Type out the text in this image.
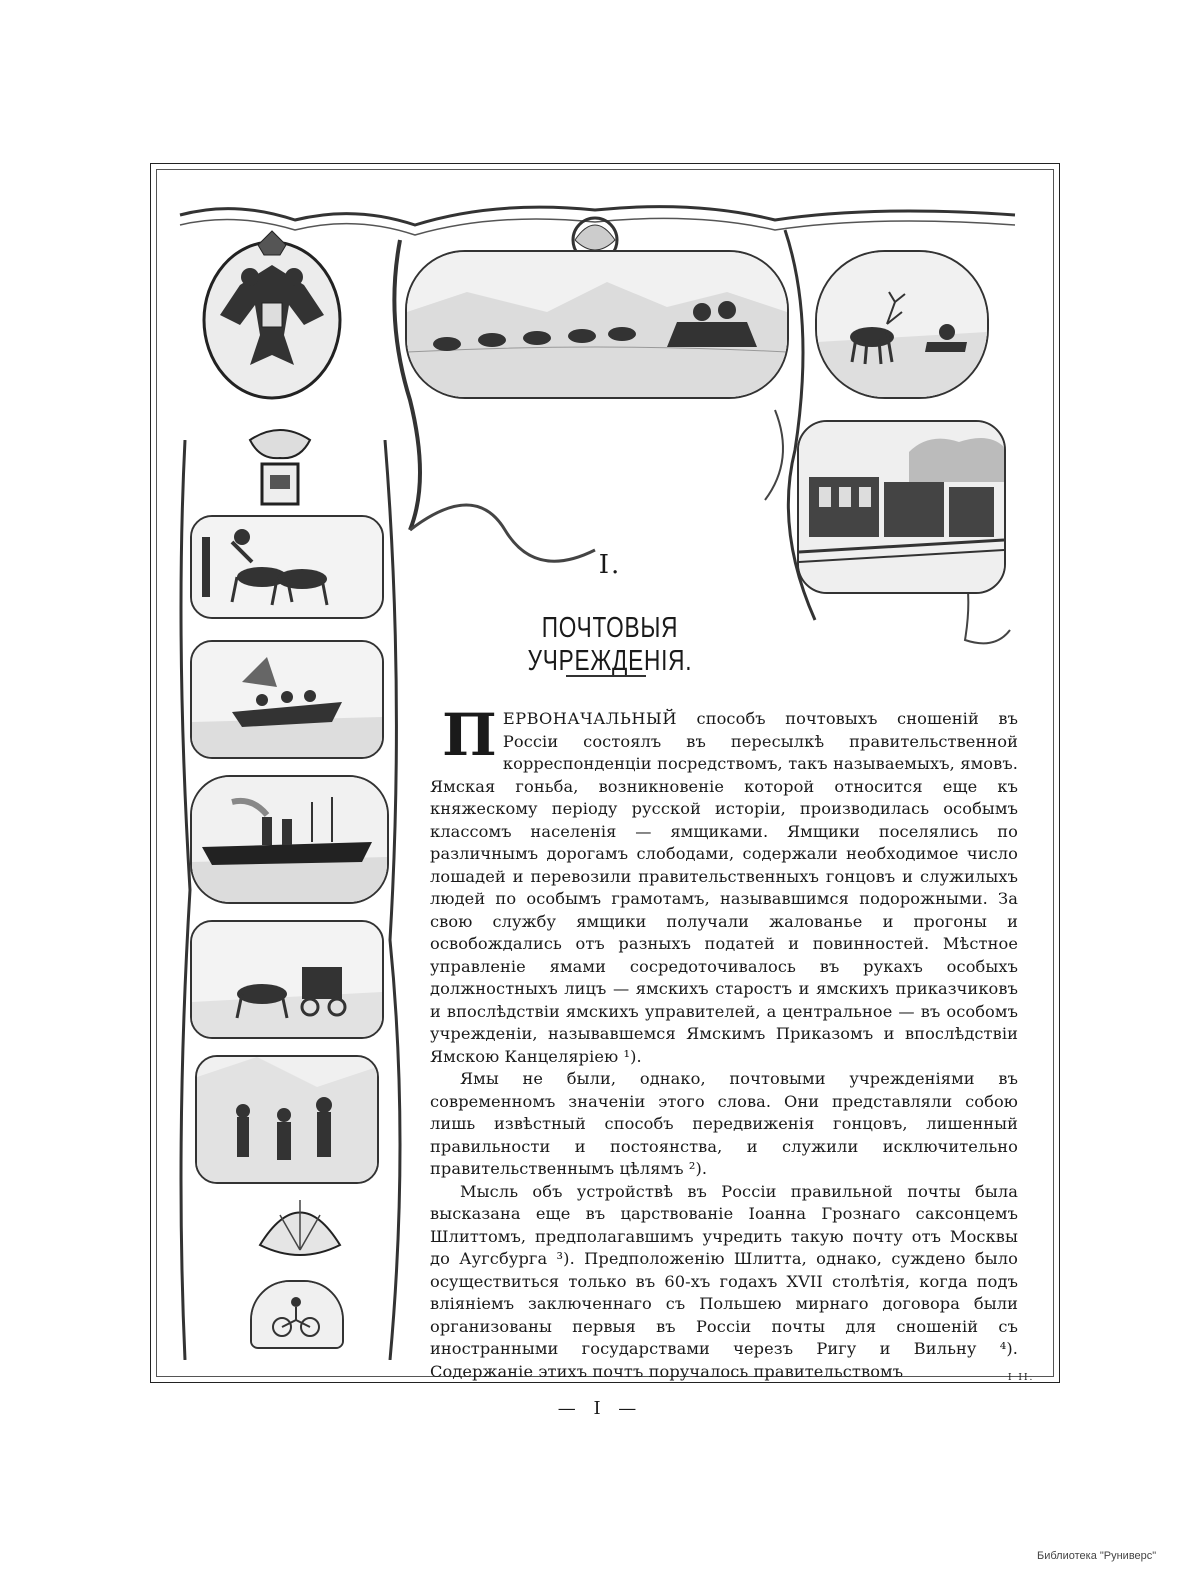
I.
ПОЧТОВЫЯ УЧРЕЖДЕНІЯ.

ПЕРВОНАЧАЛЬНЫЙ способъ почтовыхъ сношеній въ Россіи состоялъ въ пересылкѣ правительственной корреспонденціи посредствомъ, такъ называемыхъ, ямовъ. Ямская гоньба, возникновеніе которой относится еще къ княжескому періоду русской исторіи, производилась особымъ классомъ населенія — ямщиками. Ямщики поселялись по различнымъ дорогамъ слободами, содержали необходимое число лошадей и перевозили правительственныхъ гонцовъ и служилыхъ людей по особымъ грамотамъ, называвшимся подорожными. За свою службу ямщики получали жалованье и прогоны и освобождались отъ разныхъ податей и повинностей. Мѣстное управленіе ямами сосредоточивалось въ рукахъ особыхъ должностныхъ лицъ — ямскихъ старостъ и ямскихъ приказчиковъ и впослѣдствіи ямскихъ управителей, а центральное — въ особомъ учрежденіи, называвшемся Ямскимъ Приказомъ и впослѣдствіи Ямскою Канцеляріею ¹).

Ямы не были, однако, почтовыми учрежденіями въ современномъ значеніи этого слова. Они представляли собою лишь извѣстный способъ передвиженія гонцовъ, лишенный правильности и постоянства, и служили исключительно правительственнымъ цѣлямъ ²).

Мысль объ устройствѣ въ Россіи правильной почты была высказана еще въ царствованіе Іоанна Грознаго саксонцемъ Шлиттомъ, предполагавшимъ учредить такую почту отъ Москвы до Аугсбурга ³). Предположенію Шлитта, однако, суждено было осуществиться только въ 60-хъ годахъ XVII столѣтія, когда подъ вліяніемъ заключеннаго съ Польшею мирнаго договора были организованы первыя въ Россіи почты для сношеній съ иностранными государствами черезъ Ригу и Вильну ⁴). Содержаніе этихъ почтъ поручалось правительствомъ	I II.
— I —
Библиотека "Руниверс"
